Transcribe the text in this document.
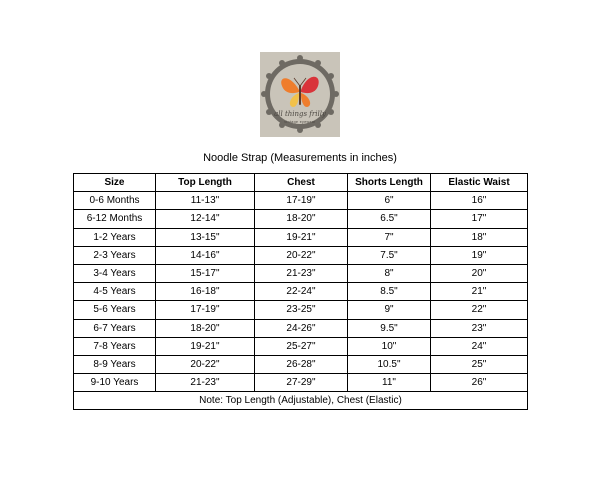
all things frilly
vintage eyewear
Noodle Strap (Measurements in inches)
Size	Top Length	Chest	Shorts Length	Elastic Waist
0-6 Months	11-13"	17-19"	6"	16"
6-12 Months	12-14"	18-20"	6.5"	17"
1-2 Years	13-15"	19-21"	7"	18"
2-3 Years	14-16"	20-22"	7.5"	19"
3-4 Years	15-17"	21-23"	8"	20"
4-5 Years	16-18"	22-24"	8.5"	21"
5-6 Years	17-19"	23-25"	9"	22"
6-7 Years	18-20"	24-26"	9.5"	23"
7-8 Years	19-21"	25-27"	10"	24"
8-9 Years	20-22"	26-28"	10.5"	25"
9-10 Years	21-23"	27-29"	11"	26"
Note: Top Length (Adjustable), Chest (Elastic)				
